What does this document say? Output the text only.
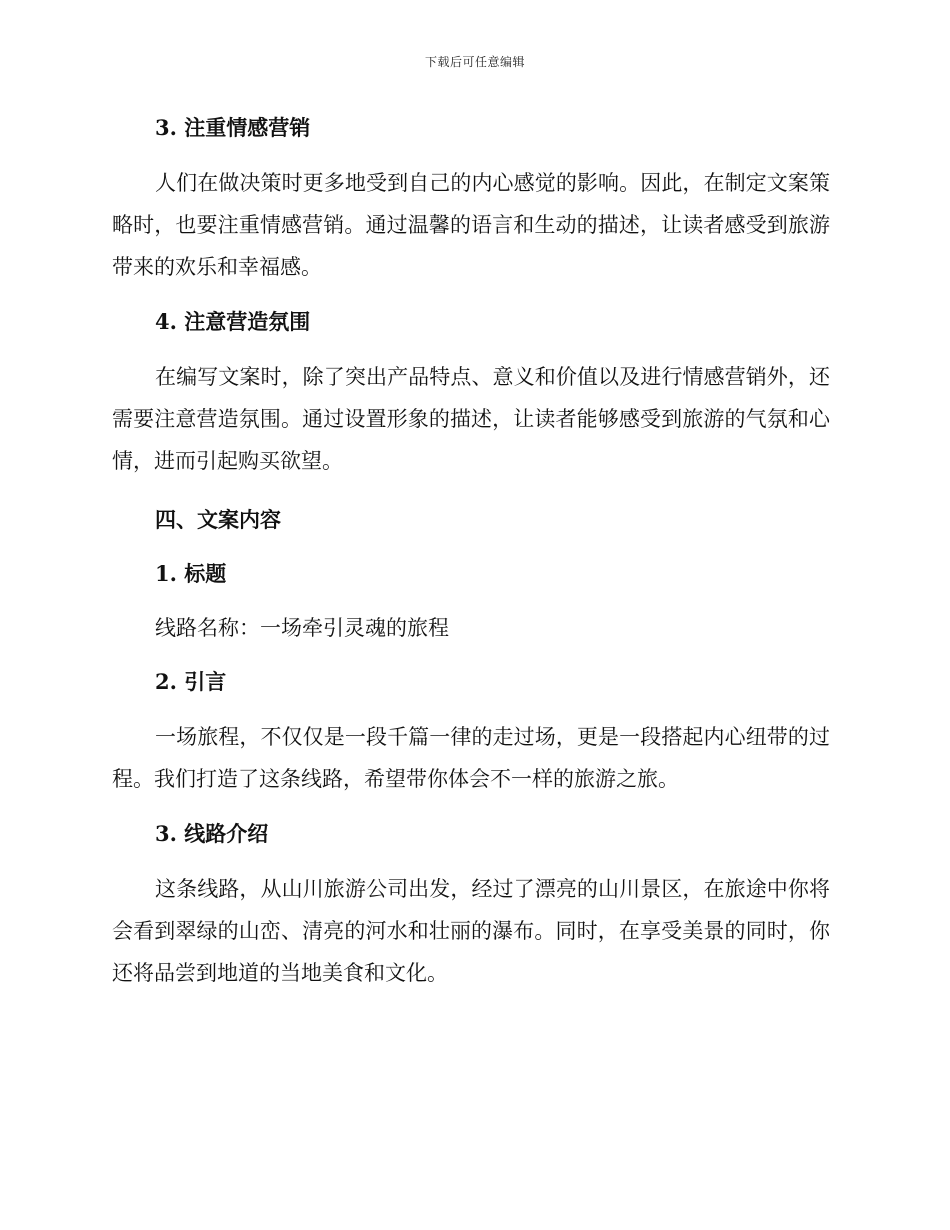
下载后可任意编辑

3. 注重情感营销

人们在做决策时更多地受到自己的内心感觉的影响。因此，在制定文案策略时，也要注重情感营销。通过温馨的语言和生动的描述，让读者感受到旅游带来的欢乐和幸福感。

4. 注意营造氛围

在编写文案时，除了突出产品特点、意义和价值以及进行情感营销外，还需要注意营造氛围。通过设置形象的描述，让读者能够感受到旅游的气氛和心情，进而引起购买欲望。

四、文案内容

1. 标题

线路名称：一场牵引灵魂的旅程

2. 引言

一场旅程，不仅仅是一段千篇一律的走过场，更是一段搭起内心纽带的过程。我们打造了这条线路，希望带你体会不一样的旅游之旅。

3. 线路介绍

这条线路，从山川旅游公司出发，经过了漂亮的山川景区，在旅途中你将会看到翠绿的山峦、清亮的河水和壮丽的瀑布。同时，在享受美景的同时，你还将品尝到地道的当地美食和文化。
